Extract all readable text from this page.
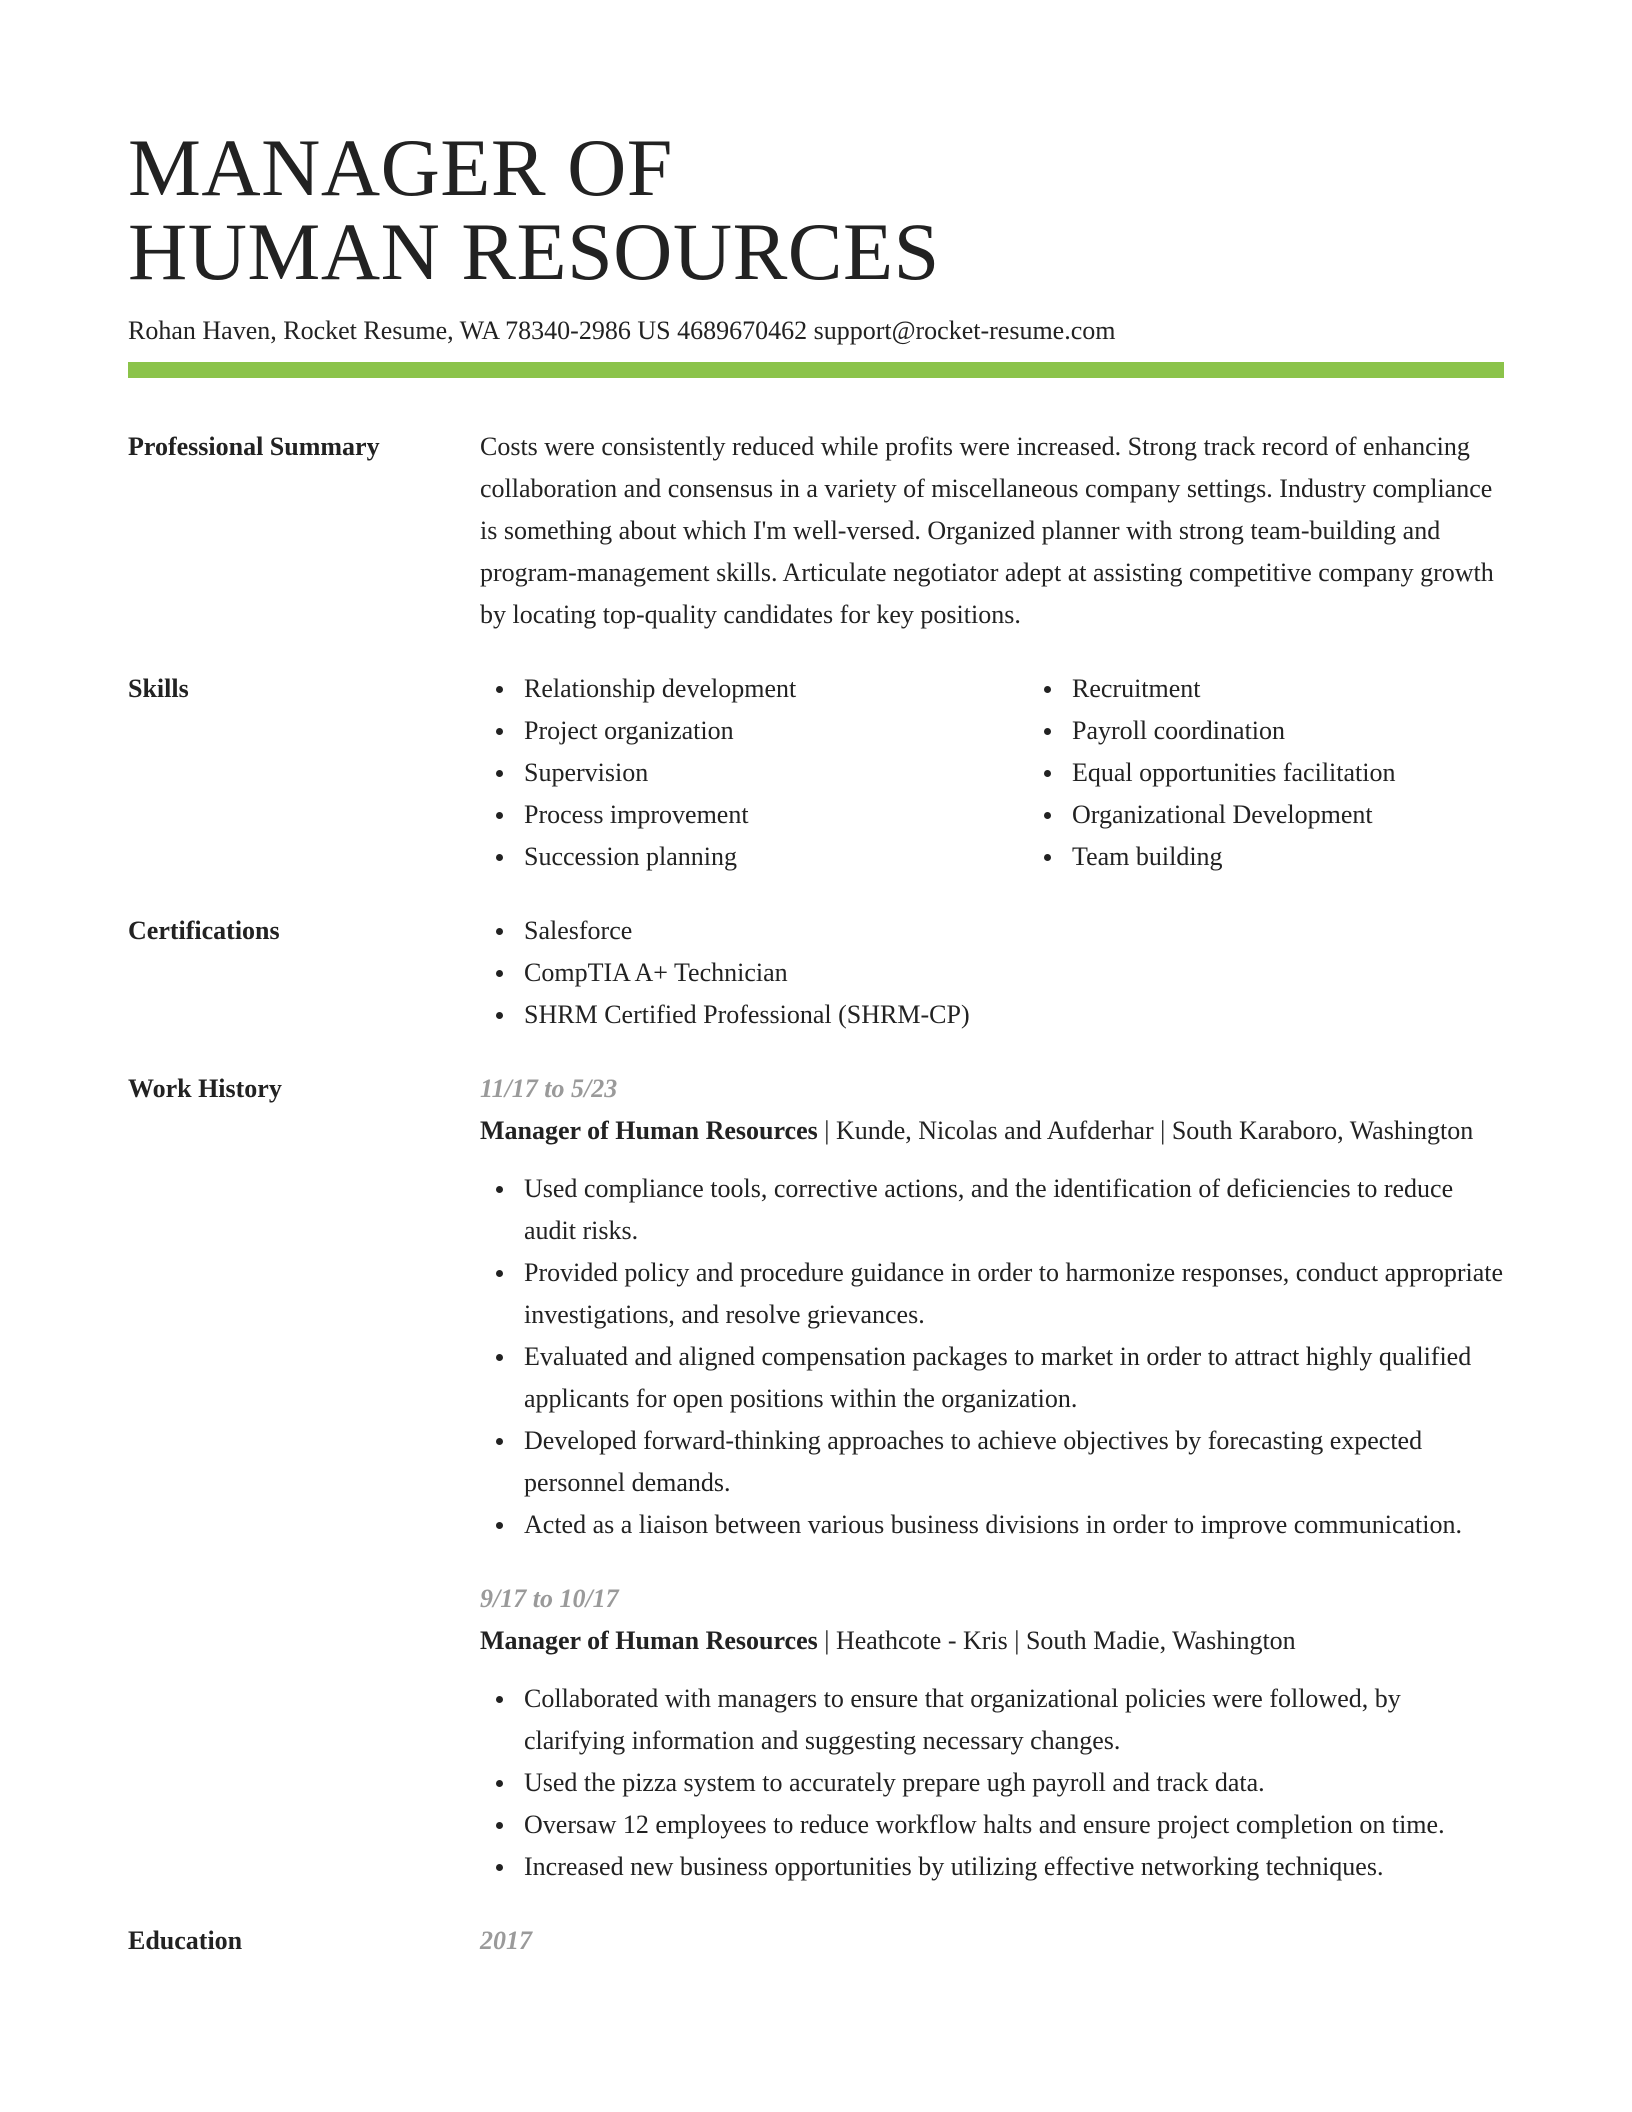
MANAGER OF
HUMAN RESOURCES
Rohan Haven, Rocket Resume, WA 78340-2986 US 4689670462 support@rocket-resume.com
Professional Summary	Costs were consistently reduced while profits were increased. Strong track record of enhancing collaboration and consensus in a variety of miscellaneous company settings. Industry compliance is something about which I'm well-versed. Organized planner with strong team-building and program-management skills. Articulate negotiator adept at assisting competitive company growth by locating top-quality candidates for key positions.

Skills	Relationship development
Project organization
Supervision
Process improvement
Succession planning
Recruitment
Payroll coordination
Equal opportunities facilitation
Organizational Development
Team building
Certifications	Salesforce
CompTIA A+ Technician
SHRM Certified Professional (SHRM-CP)
Work History	11/17 to 5/23

Manager of Human Resources | Kunde, Nicolas and Aufderhar | South Karaboro, Washington

Used compliance tools, corrective actions, and the identification of deficiencies to reduce audit risks.
Provided policy and procedure guidance in order to harmonize responses, conduct appropriate investigations, and resolve grievances.
Evaluated and aligned compensation packages to market in order to attract highly qualified applicants for open positions within the organization.
Developed forward-thinking approaches to achieve objectives by forecasting expected personnel demands.
Acted as a liaison between various business divisions in order to improve communication.
9/17 to 10/17

Manager of Human Resources | Heathcote - Kris | South Madie, Washington

Collaborated with managers to ensure that organizational policies were followed, by clarifying information and suggesting necessary changes.
Used the pizza system to accurately prepare ugh payroll and track data.
Oversaw 12 employees to reduce workflow halts and ensure project completion on time.
Increased new business opportunities by utilizing effective networking techniques.
Education	2017
